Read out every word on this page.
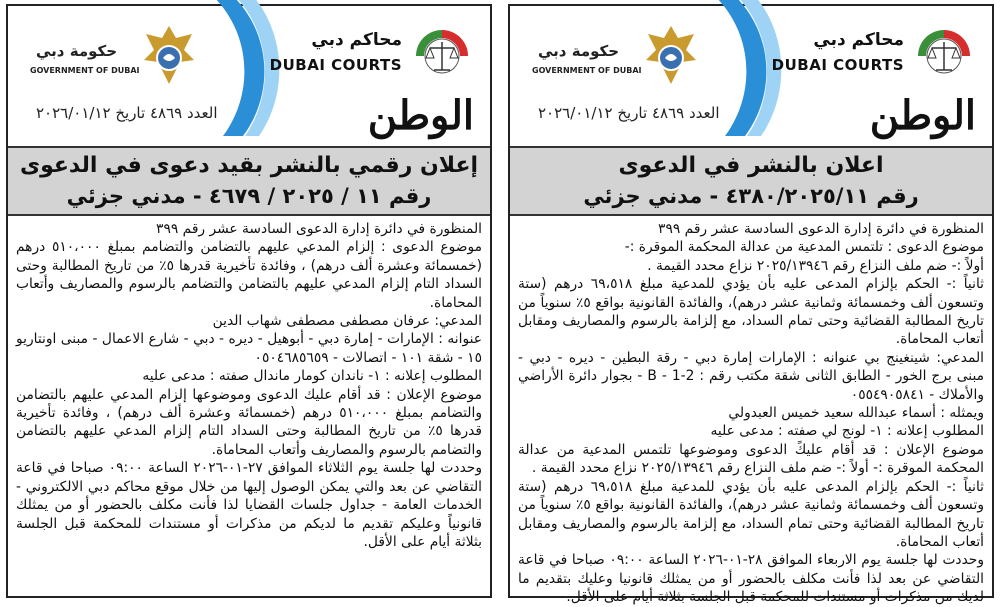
محاكم دبي
DUBAI COURTS
حكومة دبي
GOVERNMENT OF DUBAI
الوطن
العدد ٤٨٦٩ تاريخ ٢٠٢٦/٠١/١٢
إعلان رقمي بالنشر بقيد دعوى في الدعوى
رقم ١١ / ٢٠٢٥ / ٤٦٧٩ - مدني جزئي

المنظورة في دائرة إدارة الدعوى السادسة عشر رقم ٣٩٩

موضوع الدعوى : إلزام المدعي عليهم بالتضامن والتضامم بمبلغ ٥١٠،٠٠٠ درهم (خمسمائة وعشرة ألف درهم) ، وفائدة تأخيرية قدرها ٥٪ من تاريخ المطالبة وحتى السداد التام إلزام المدعي عليهم بالتضامن والتضامم بالرسوم والمصاريف وأتعاب المحاماة.

المدعي: عرفان مصطفى مصطفى شهاب الدين

عنوانه : الإمارات - إمارة دبي - أبوهيل - ديره - دبي - شارع الاعمال - مبنى اونتاريو ١٥ - شقة ١٠١ - اتصالات - ٠٥٠٤٦٨٥٦٥٩

المطلوب إعلانه : ١- ناندان كومار ماندال صفته : مدعى عليه

موضوع الإعلان : قد أقام عليك الدعوى وموضوعها إلزام المدعي عليهم بالتضامن والتضامم بمبلغ ٥١٠،٠٠٠ درهم (خمسمائة وعشرة ألف درهم) ، وفائدة تأخيرية قدرها ٥٪ من تاريخ المطالبة وحتى السداد التام إلزام المدعي عليهم بالتضامن والتضامم بالرسوم والمصاريف وأتعاب المحاماة.

وحددت لها جلسة يوم الثلاثاء الموافق ٢٧-٠١-٢٠٢٦ الساعة ٠٩:٠٠ صباحا في قاعة التقاضي عن بعد والتي يمكن الوصول إليها من خلال موقع محاكم دبي الالكتروني - الخدمات العامة - جداول جلسات القضايا لذا فأنت مكلف بالحضور أو من يمثلك قانونياً وعليكم تقديم ما لديكم من مذكرات أو مستندات للمحكمة قبل الجلسة بثلاثة أيام على الأقل.

محاكم دبي
DUBAI COURTS
حكومة دبي
GOVERNMENT OF DUBAI
الوطن
العدد ٤٨٦٩ تاريخ ٢٠٢٦/٠١/١٢
اعلان بالنشر في الدعوى
رقم ٤٣٨٠/٢٠٢٥/١١ - مدني جزئي

المنظورة في دائرة إدارة الدعوى السادسة عشر رقم ٣٩٩

موضوع الدعوى : تلتمس المدعية من عدالة المحكمة الموقرة :-

أولاً :- ضم ملف النزاع رقم ٢٠٢٥/١٣٩٤٦ نزاع محدد القيمة .

ثانياً :- الحكم بإلزام المدعى عليه بأن يؤدي للمدعية مبلغ ٦٩،٥١٨ درهم (ستة وتسعون ألف وخمسمائة وثمانية عشر درهم)، والفائدة القانونية بواقع ٥٪ سنوياً من تاريخ المطالبة القضائية وحتى تمام السداد، مع إلزامة بالرسوم والمصاريف ومقابل أتعاب المحاماة.

المدعي: شينغينج بي عنوانه : الإمارات إمارة دبي - رقة البطين - ديره - دبي - مبنى برج الخور - الطابق الثانى شقة مكتب رقم : B - 1-2 - بجوار دائرة الأراضي والأملاك - ٠٥٥٤٩٠٥٨٤١

ويمثله : أسماء عبدالله سعيد خميس العبدولي

المطلوب إعلانه : ١- لونج لي صفته : مدعى عليه

موضوع الإعلان : قد أقام عليكً الدعوى وموضوعها تلتمس المدعية من عدالة المحكمة الموقرة :- أولاً :- ضم ملف النزاع رقم ٢٠٢٥/١٣٩٤٦ نزاع محدد القيمة .

ثانياً :- الحكم بإلزام المدعى عليه بأن يؤدي للمدعية مبلغ ٦٩،٥١٨ درهم (ستة وتسعون ألف وخمسمائة وثمانية عشر درهم)، والفائدة القانونية بواقع ٥٪ سنوياً من تاريخ المطالبة القضائية وحتى تمام السداد، مع إلزامة بالرسوم والمصاريف ومقابل أتعاب المحاماة.

وحددت لها جلسة يوم الاربعاء الموافق ٢٨-٠١-٢٠٢٦ الساعة ٠٩:٠٠ صباحا في قاعة التقاضي عن بعد لذا فأنت مكلف بالحضور أو من يمثلك قانونيا وعليك بتقديم ما لديك من مذكرات أو مستندات للمحكمة قبل الجلسة بثلاثة أيام على الأقل.
